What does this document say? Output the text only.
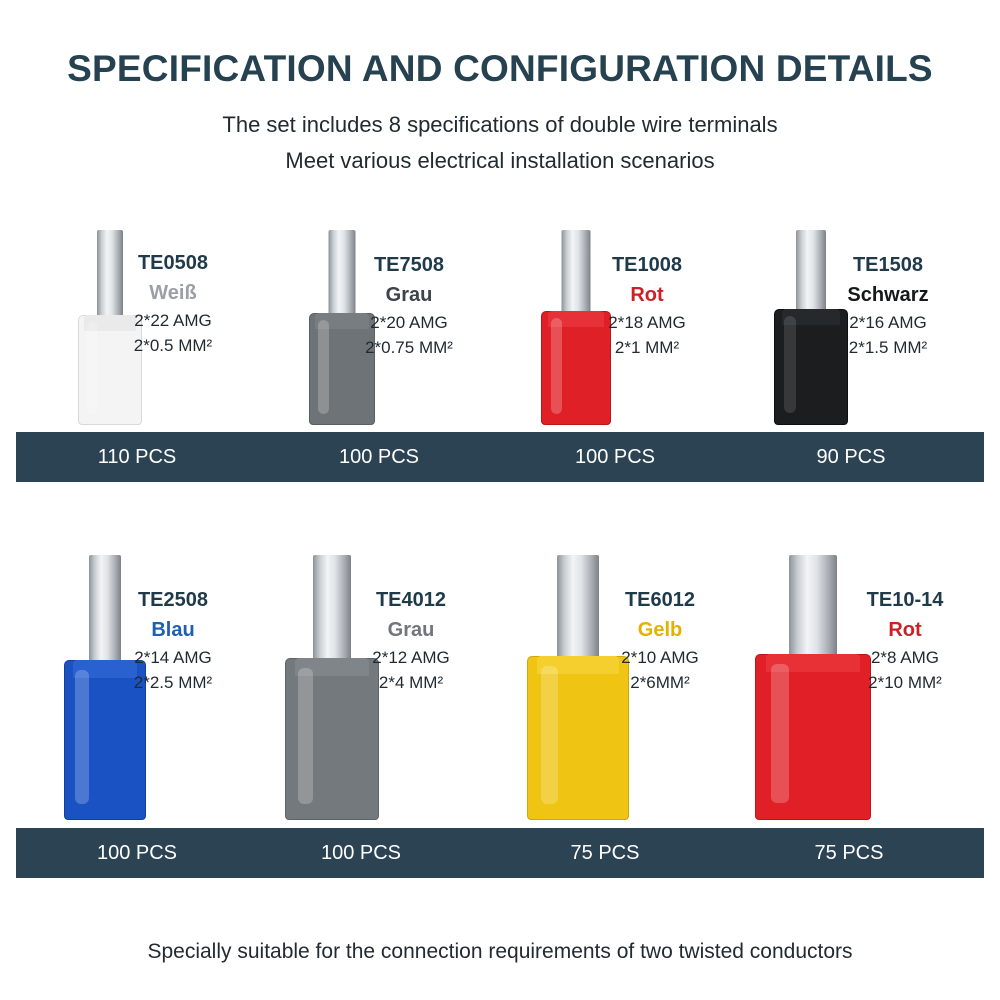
SPECIFICATION AND CONFIGURATION DETAILS
The set includes 8 specifications of double wire terminals
Meet various electrical installation scenarios
TE0508
Weiß
2*22 AMG
2*0.5 MM²
TE7508
Grau
2*20 AMG
2*0.75 MM²
TE1008
Rot
2*18 AMG
2*1 MM²
TE1508
Schwarz
2*16 AMG
2*1.5 MM²
110 PCS	100 PCS	100 PCS	90 PCS
TE2508
Blau
2*14 AMG
2*2.5 MM²
TE4012
Grau
2*12 AMG
2*4 MM²
TE6012
Gelb
2*10 AMG
2*6MM²
TE10-14
Rot
2*8 AMG
2*10 MM²
100 PCS	100 PCS	75 PCS	75 PCS
Specially suitable for the connection requirements of two twisted conductors
